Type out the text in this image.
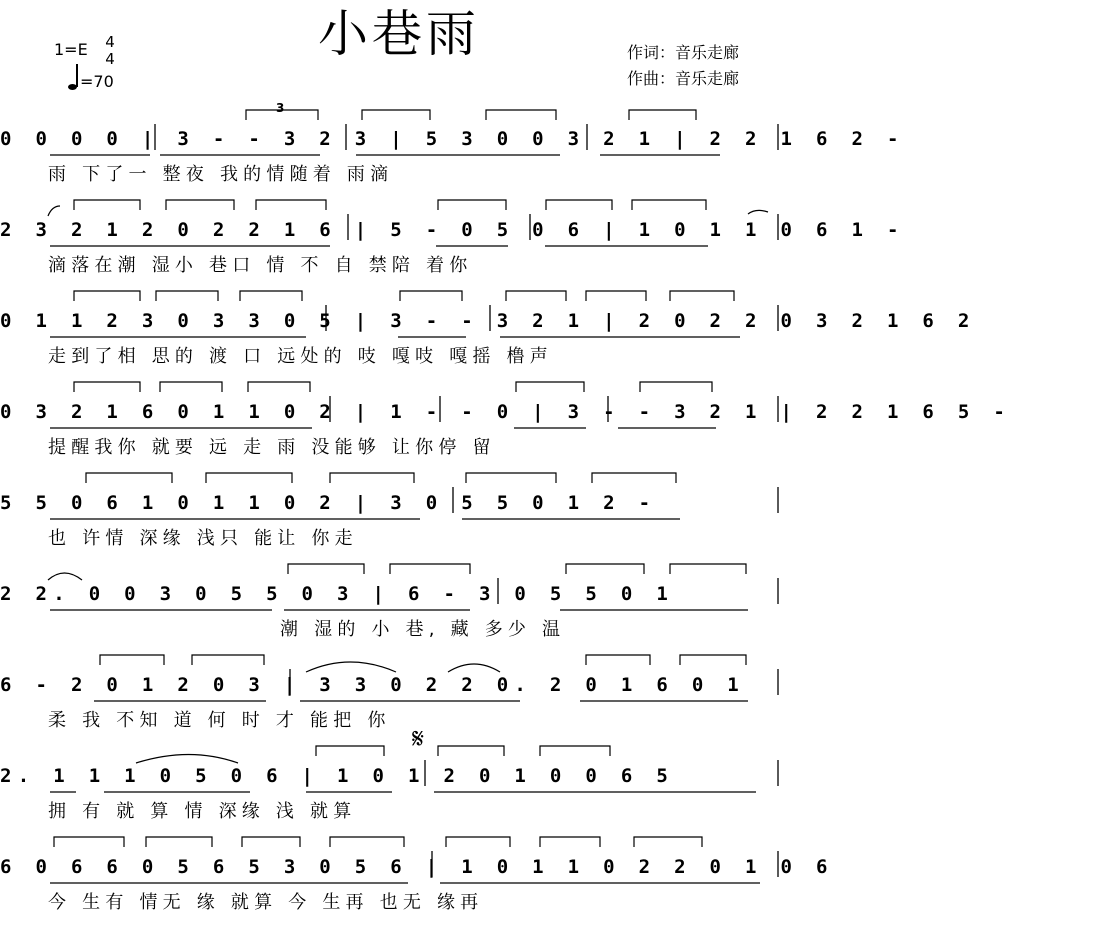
小巷雨
1=E 4
4
=70
作词：音乐走廊
作曲：音乐走廊
3
𝄋
0 0 0 0 | 3 - - 3 2 3 | 5 3 0 0 3 2 1 | 2 2 1 6 2 -
雨 下了一 整夜 我的情随着 雨滴
2 3 2 1 2 0 2 2 1 6 | 5 - 0 5 0 6 | 1 0 1 1 0 6 1 -
滴落在潮 湿小 巷口 情 不 自 禁陪 着你
0 1 1 2 3 0 3 3 0 5 | 3 - - 3 2 1 | 2 0 2 2 0 3 2 1 6 2
走到了相 思的 渡 口 远处的 吱 嘎吱 嘎摇 橹声
0 3 2 1 6 0 1 1 0 2 | 1 - - 0 | 3 - - 3 2 1 | 2 2 1 6 5 -
提醒我你 就要 远 走 雨 没能够 让你停 留
5 5 0 6 1 0 1 1 0 2 | 3 0 5 5 0 1 2 -
也 许情 深缘 浅只 能让 你走
2 2. 0 0 3 0 5 5 0 3 | 6 - 3 0 5 5 0 1
潮 湿的 小 巷, 藏 多少 温
6 - 2 0 1 2 0 3 | 3 3 0 2 2 0. 2 0 1 6 0 1
柔 我 不知 道 何 时 才 能把 你
2. 1 1 1 0 5 0 6 | 1 0 1 2 0 1 0 0 6 5
拥 有 就 算 情 深缘 浅 就算
6 0 6 6 0 5 6 5 3 0 5 6 | 1 0 1 1 0 2 2 0 1 0 6
今 生有 情无 缘 就算 今 生再 也无 缘再
